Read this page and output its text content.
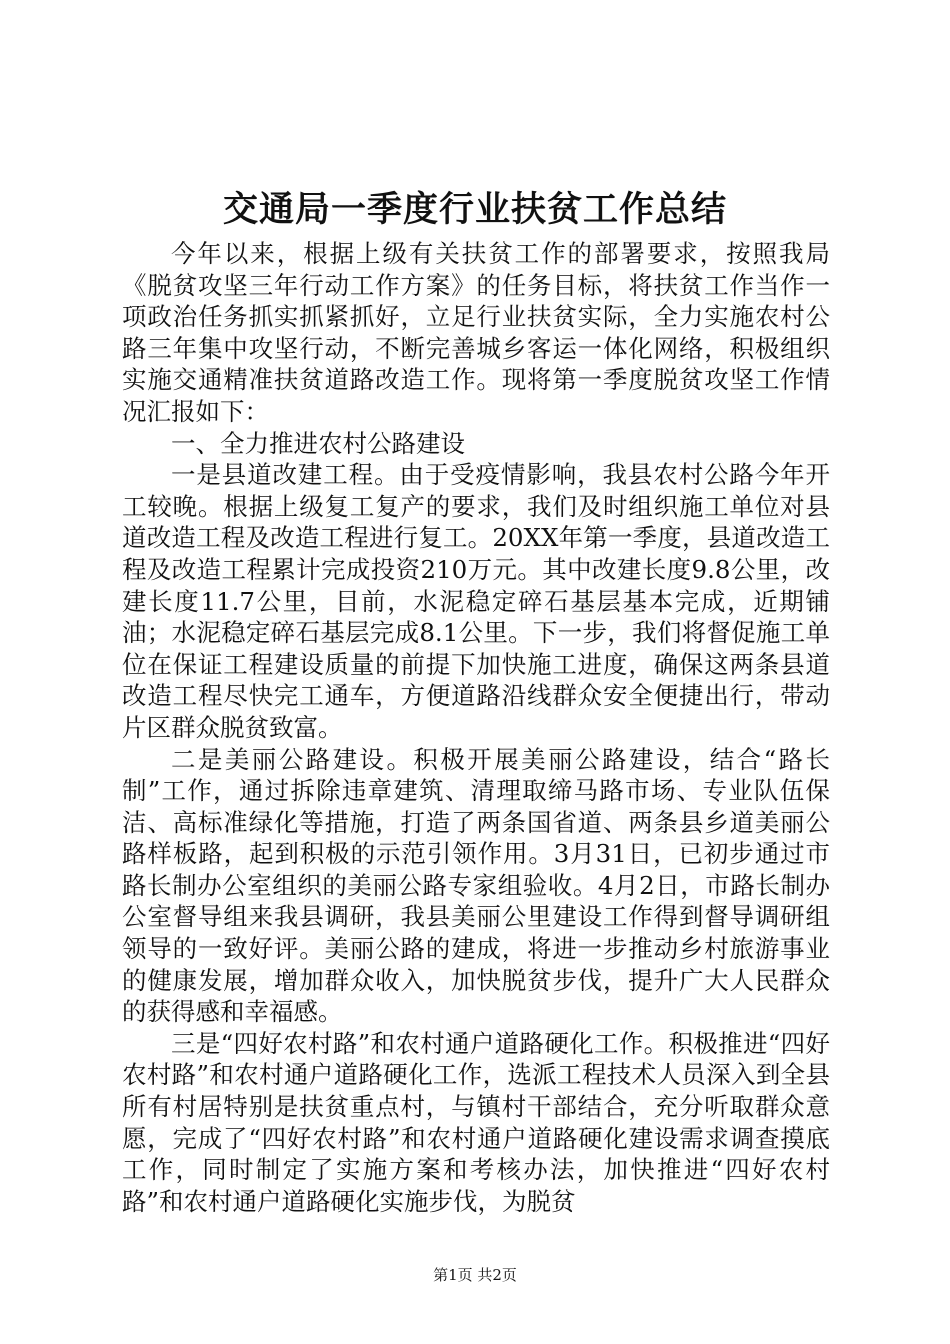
交通局一季度行业扶贫工作总结

今年以来，根据上级有关扶贫工作的部署要求，按照我局《脱贫攻坚三年行动工作方案》的任务目标，将扶贫工作当作一项政治任务抓实抓紧抓好，立足行业扶贫实际，全力实施农村公路三年集中攻坚行动，不断完善城乡客运一体化网络，积极组织实施交通精准扶贫道路改造工作。现将第一季度脱贫攻坚工作情况汇报如下：

一、全力推进农村公路建设

一是县道改建工程。由于受疫情影响，我县农村公路今年开工较晚。根据上级复工复产的要求，我们及时组织施工单位对县道改造工程及改造工程进行复工。20XX年第一季度，县道改造工程及改造工程累计完成投资210万元。其中改建长度9.8公里，改建长度11.7公里，目前，水泥稳定碎石基层基本完成，近期铺油；水泥稳定碎石基层完成8.1公里。下一步，我们将督促施工单位在保证工程建设质量的前提下加快施工进度，确保这两条县道改造工程尽快完工通车，方便道路沿线群众安全便捷出行，带动片区群众脱贫致富。

二是美丽公路建设。积极开展美丽公路建设，结合“路长制”工作，通过拆除违章建筑、清理取缔马路市场、专业队伍保洁、高标准绿化等措施，打造了两条国省道、两条县乡道美丽公路样板路，起到积极的示范引领作用。3月31日，已初步通过市路长制办公室组织的美丽公路专家组验收。4月2日，市路长制办公室督导组来我县调研，我县美丽公里建设工作得到督导调研组领导的一致好评。美丽公路的建成，将进一步推动乡村旅游事业的健康发展，增加群众收入，加快脱贫步伐，提升广大人民群众的获得感和幸福感。

三是“四好农村路”和农村通户道路硬化工作。积极推进“四好农村路”和农村通户道路硬化工作，选派工程技术人员深入到全县所有村居特别是扶贫重点村，与镇村干部结合，充分听取群众意愿，完成了“四好农村路”和农村通户道路硬化建设需求调查摸底工作，同时制定了实施方案和考核办法，加快推进“四好农村路”和农村通户道路硬化实施步伐，为脱贫

第1页 共2页
